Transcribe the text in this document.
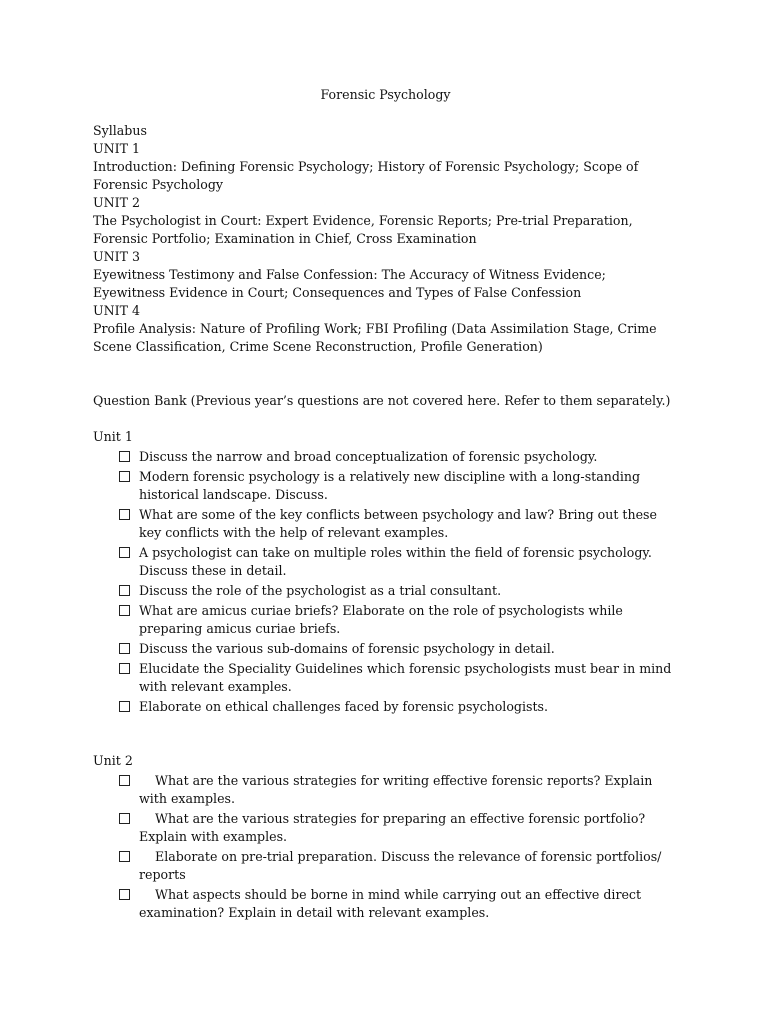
Forensic Psychology
Syllabus
UNIT 1
Introduction: Defining Forensic Psychology; History of Forensic Psychology; Scope of Forensic Psychology
UNIT 2
The Psychologist in Court: Expert Evidence, Forensic Reports; Pre-trial Preparation, Forensic Portfolio; Examination in Chief, Cross Examination
UNIT 3
Eyewitness Testimony and False Confession: The Accuracy of Witness Evidence; Eyewitness Evidence in Court; Consequences and Types of False Confession
UNIT 4
Profile Analysis: Nature of Profiling Work; FBI Profiling (Data Assimilation Stage, Crime Scene Classification, Crime Scene Reconstruction, Profile Generation)
Question Bank (Previous year’s questions are not covered here. Refer to them separately.)
Unit 1
Discuss the narrow and broad conceptualization of forensic psychology.
Modern forensic psychology is a relatively new discipline with a long-standing historical landscape. Discuss.
What are some of the key conflicts between psychology and law? Bring out these key conflicts with the help of relevant examples.
A psychologist can take on multiple roles within the field of forensic psychology. Discuss these in detail.
Discuss the role of the psychologist as a trial consultant.
What are amicus curiae briefs? Elaborate on the role of psychologists while preparing amicus curiae briefs.
Discuss the various sub-domains of forensic psychology in detail.
Elucidate the Speciality Guidelines which forensic psychologists must bear in mind with relevant examples.
Elaborate on ethical challenges faced by forensic psychologists.
Unit 2
What are the various strategies for writing effective forensic reports? Explain with examples.
What are the various strategies for preparing an effective forensic portfolio? Explain with examples.
Elaborate on pre-trial preparation. Discuss the relevance of forensic portfolios/ reports
What aspects should be borne in mind while carrying out an effective direct examination? Explain in detail with relevant examples.
